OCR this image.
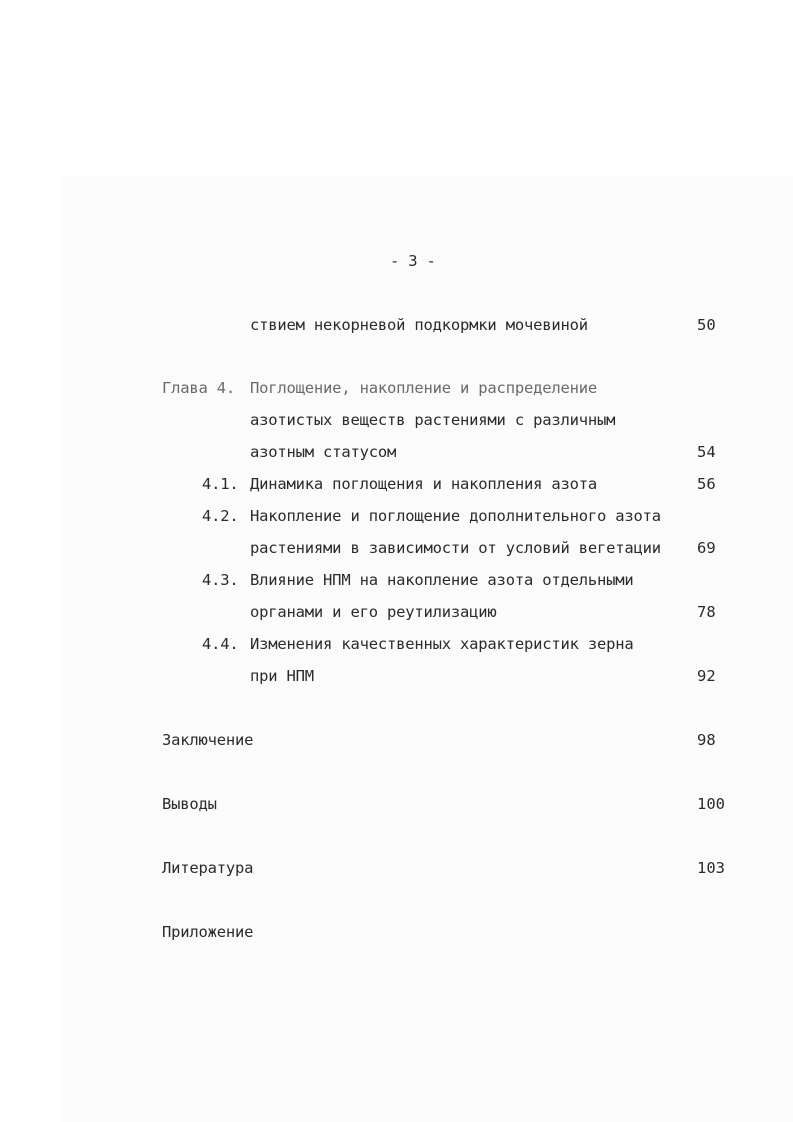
- 3 -
ствием некорневой подкормки мочевиной	50
Глава 4. Поглощение, накопление и распределение
азотистых веществ растениями с различным
азотным статусом	54
4.1. Динамика поглощения и накопления азота	56
4.2. Накопление и поглощение дополнительного азота
растениями в зависимости от условий вегетации 69
4.3. Влияние НПМ на накопление азота отдельными
органами и его реутилизацию	78
4.4. Изменения качественных характеристик зерна
при НПМ	92
Заключение	98
Выводы	100
Литература	103
Приложение
